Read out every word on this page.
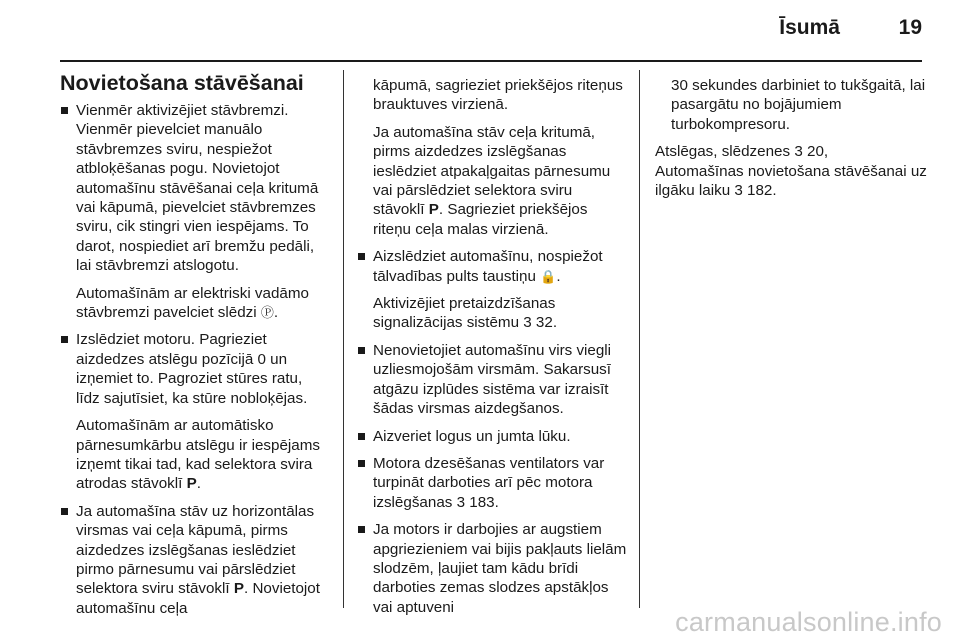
Īsumā	19
Novietošana stāvēšanai
Vienmēr aktivizējiet stāvbremzi. Vienmēr pievelciet manuālo stāvbremzes sviru, nespiežot atbloķēšanas pogu. Novietojot automašīnu stāvēšanai ceļa kritumā vai kāpumā, pievelciet stāvbremzes sviru, cik stingri vien iespējams. To darot, nospiediet arī bremžu pedāli, lai stāvbremzi atslogotu.
Automašīnām ar elektriski vadāmo stāvbremzi pavelciet slēdzi Ⓟ.
Izslēdziet motoru. Pagrieziet aizdedzes atslēgu pozīcijā 0 un izņemiet to. Pagroziet stūres ratu, līdz sajutīsiet, ka stūre nobloķējas.
Automašīnām ar automātisko pārnesumkārbu atslēgu ir iespējams izņemt tikai tad, kad selektora svira atrodas stāvoklī P.
Ja automašīna stāv uz horizontālas virsmas vai ceļa kāpumā, pirms aizdedzes izslēgšanas ieslēdziet pirmo pārnesumu vai pārslēdziet selektora sviru stāvoklī P. Novietojot automašīnu ceļa
kāpumā, sagrieziet priekšējos riteņus brauktuves virzienā.
Ja automašīna stāv ceļa kritumā, pirms aizdedzes izslēgšanas ieslēdziet atpakaļgaitas pārnesumu vai pārslēdziet selektora sviru stāvoklī P. Sagrieziet priekšējos riteņu ceļa malas virzienā.
Aizslēdziet automašīnu, nospiežot tālvadības pults taustiņu 🔒.
Aktivizējiet pretaizdzīšanas signalizācijas sistēmu 3 32.
Nenovietojiet automašīnu virs viegli uzliesmojošām virsmām. Sakarsusī atgāzu izplūdes sistēma var izraisīt šādas virsmas aizdegšanos.
Aizveriet logus un jumta lūku.
Motora dzesēšanas ventilators var turpināt darboties arī pēc motora izslēgšanas 3 183.
Ja motors ir darbojies ar augstiem apgriezieniem vai bijis pakļauts lielām slodzēm, ļaujiet tam kādu brīdi darboties zemas slodzes apstākļos vai aptuveni
30 sekundes darbiniet to tukšgaitā, lai pasargātu no bojājumiem turbokompresoru.
Atslēgas, slēdzenes 3 20,
Automašīnas novietošana stāvēšanai uz ilgāku laiku 3 182.
carmanualsonline.info
